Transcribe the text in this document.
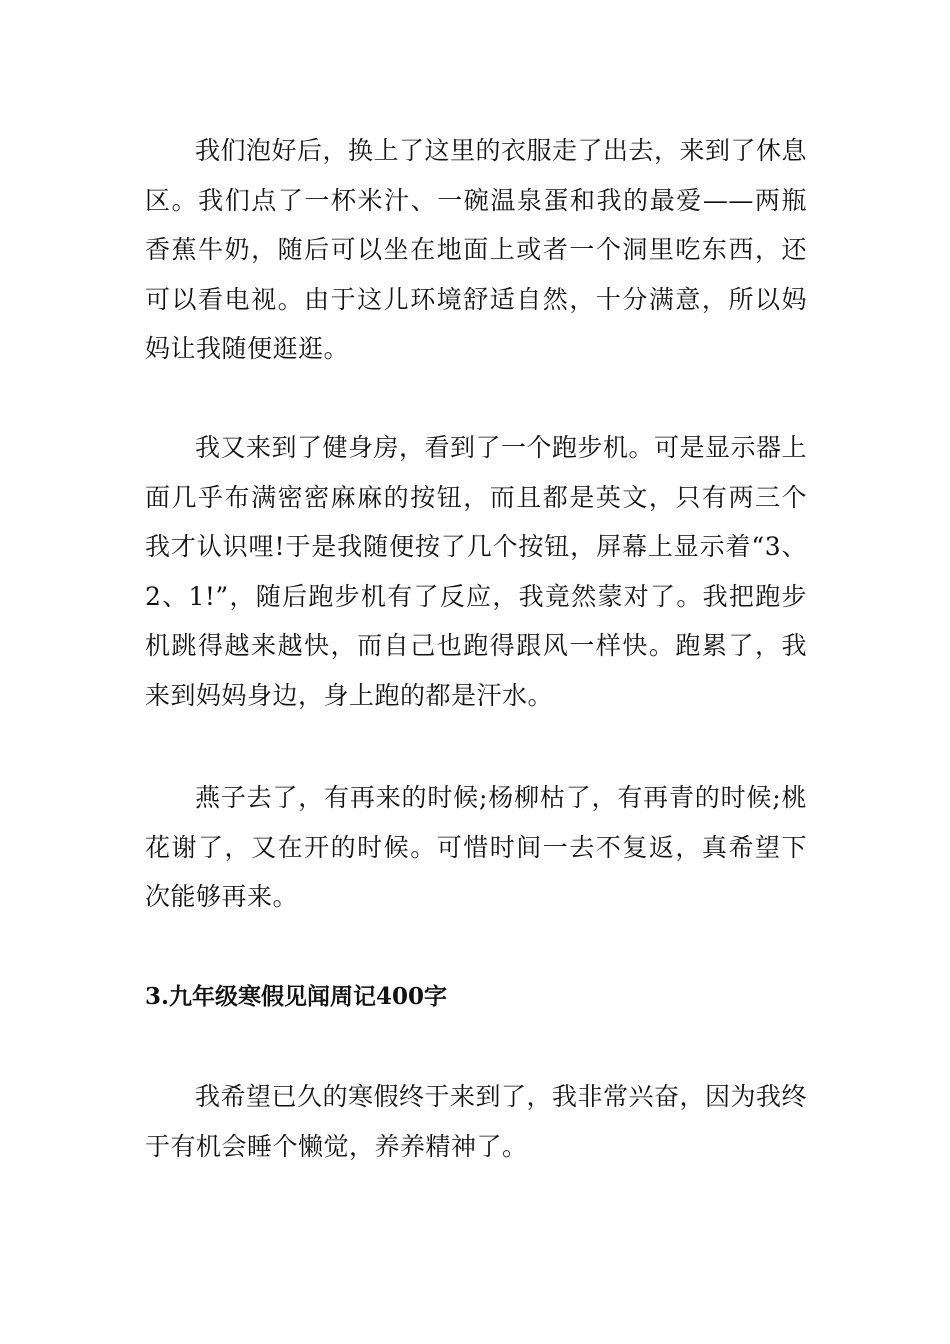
我们泡好后，换上了这里的衣服走了出去，来到了休息区。我们点了一杯米汁、一碗温泉蛋和我的最爱——两瓶香蕉牛奶，随后可以坐在地面上或者一个洞里吃东西，还可以看电视。由于这儿环境舒适自然，十分满意，所以妈妈让我随便逛逛。

我又来到了健身房，看到了一个跑步机。可是显示器上面几乎布满密密麻麻的按钮，而且都是英文，只有两三个我才认识哩!于是我随便按了几个按钮，屏幕上显示着“3、2、1!”，随后跑步机有了反应，我竟然蒙对了。我把跑步机跳得越来越快，而自己也跑得跟风一样快。跑累了，我来到妈妈身边，身上跑的都是汗水。

燕子去了，有再来的时候;杨柳枯了，有再青的时候;桃花谢了，又在开的时候。可惜时间一去不复返，真希望下次能够再来。

3.九年级寒假见闻周记400字

我希望已久的寒假终于来到了，我非常兴奋，因为我终于有机会睡个懒觉，养养精神了。
